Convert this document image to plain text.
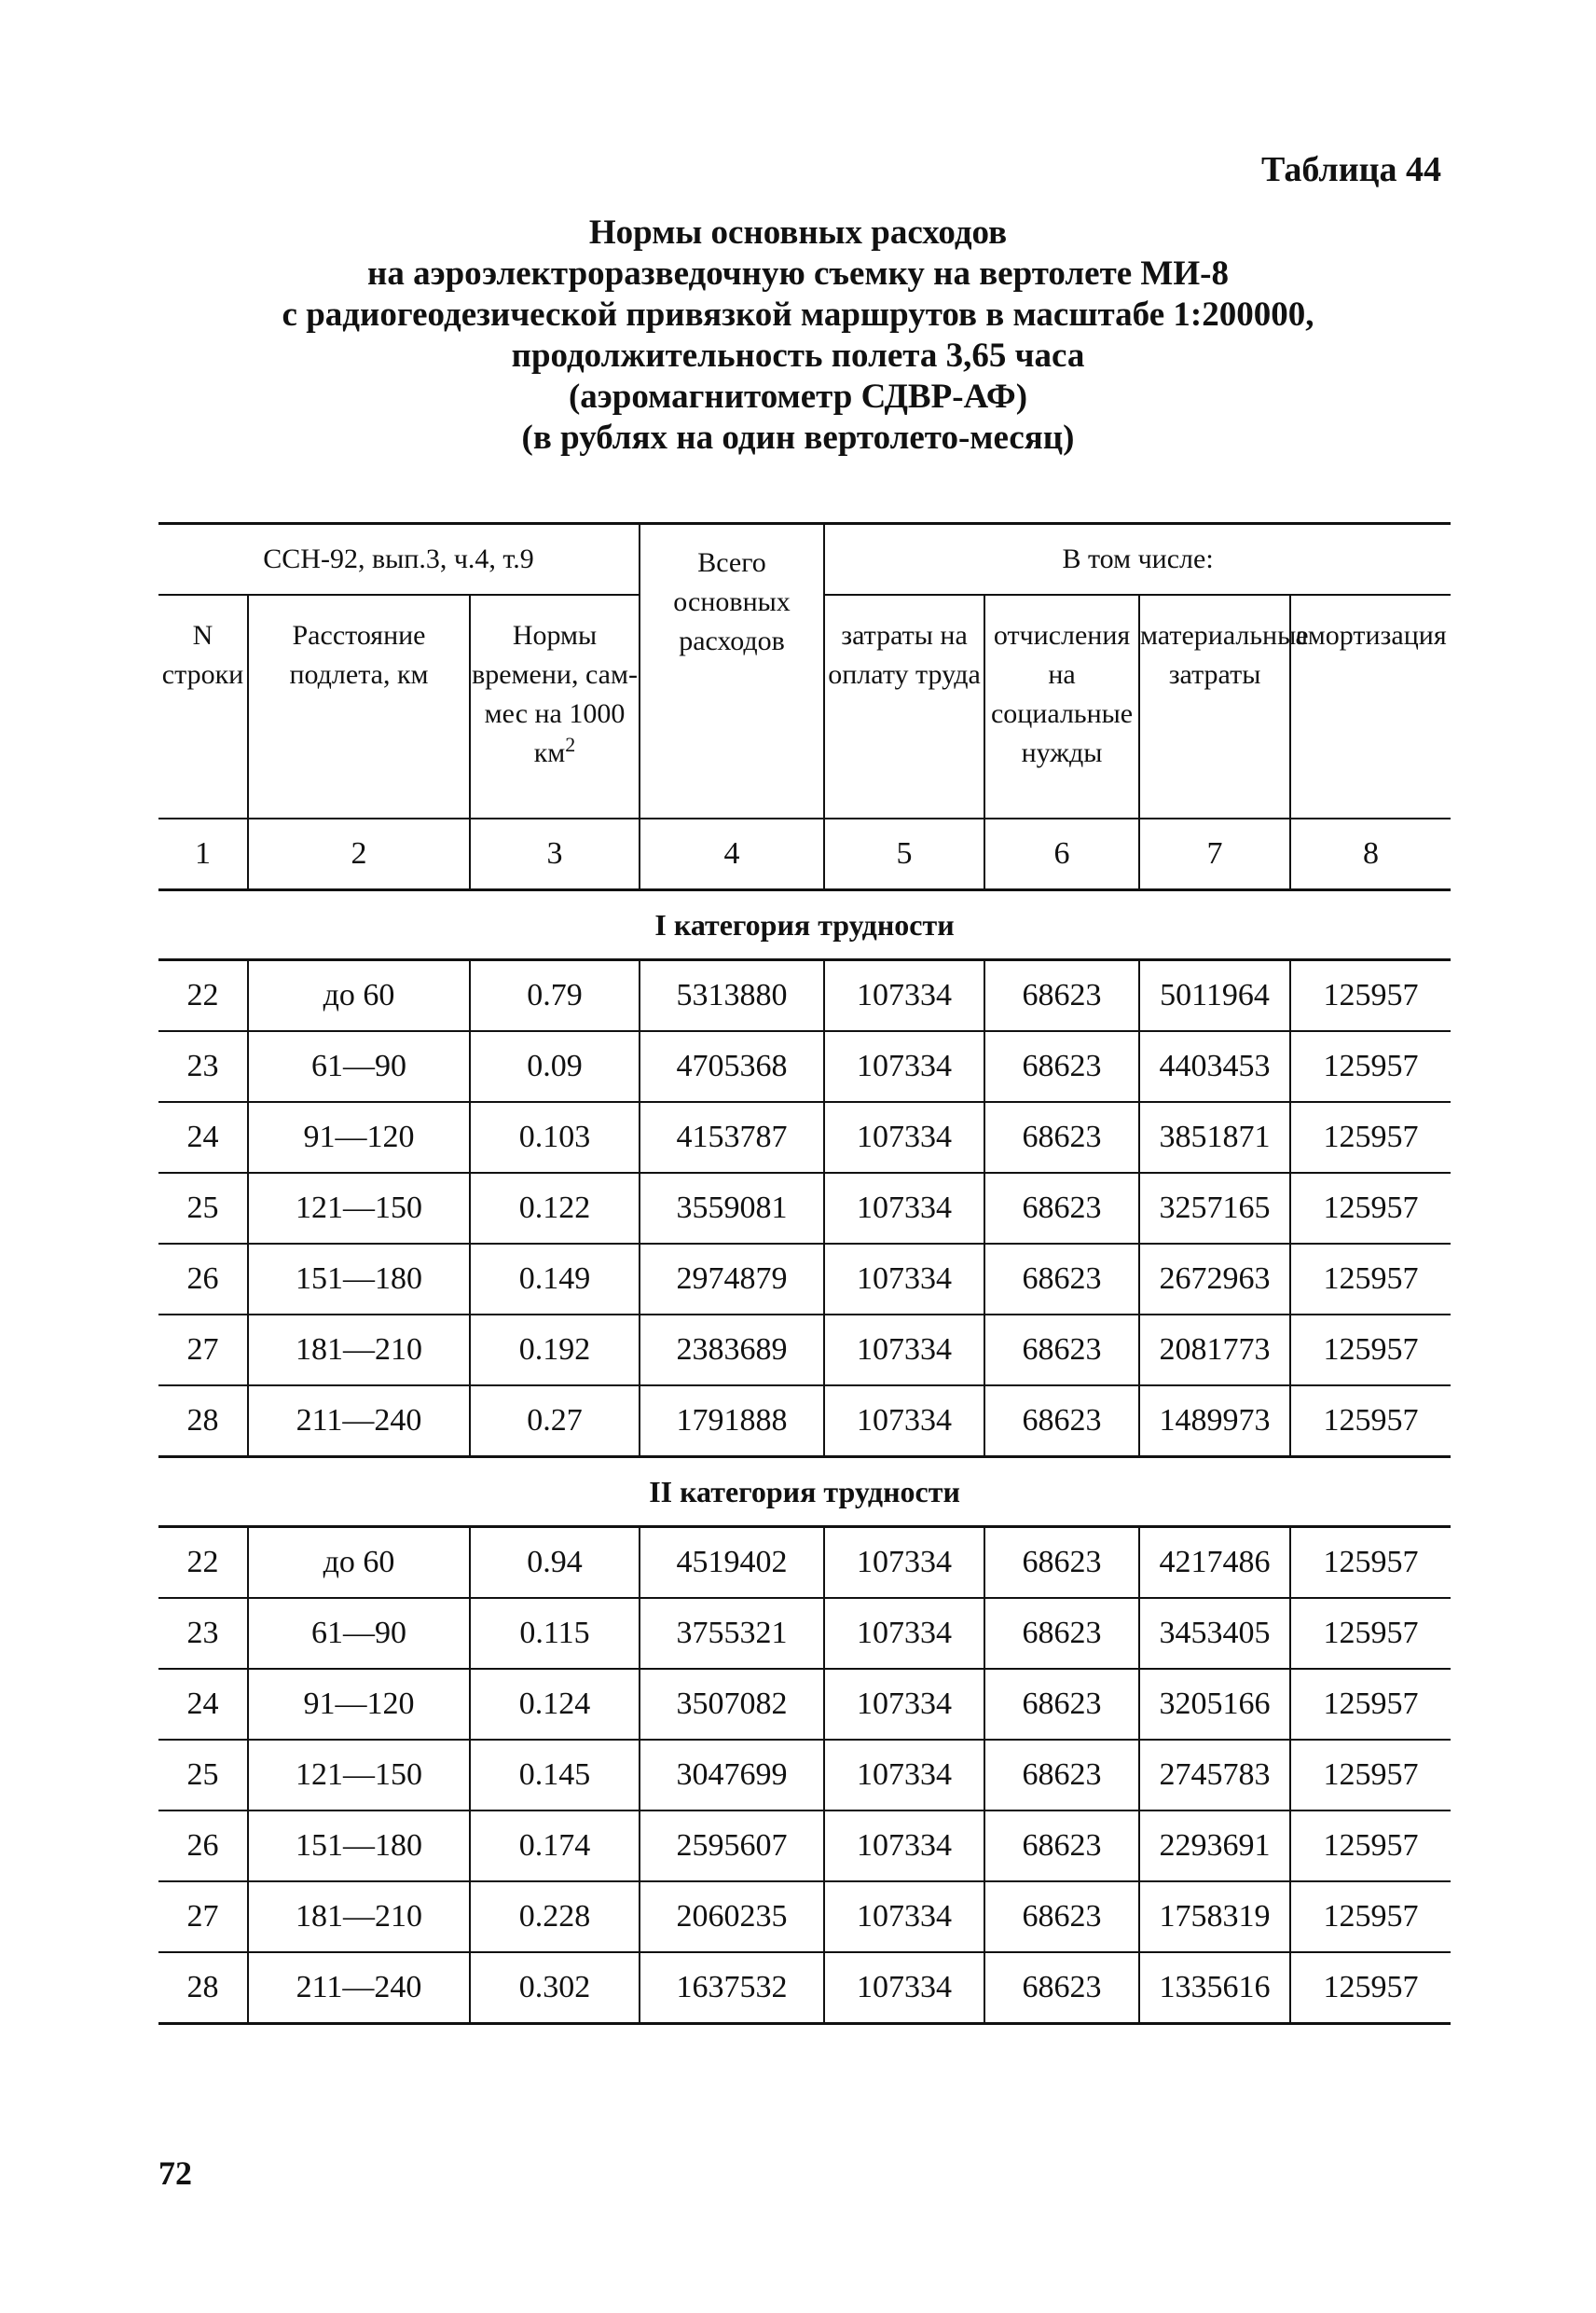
Таблица 44
Нормы основных расходов
на аэроэлектроразведочную съемку на вертолете МИ-8
с радиогеодезической привязкой маршрутов в масштабе 1:200000,
продолжительность полета 3,65 часа
(аэромагнитометр СДВР-АФ)
(в рублях на один вертолето-месяц)
ССН-92, вып.3, ч.4, т.9			Всего основных расходов	В том числе:			
N строки	Расстояние подлета, км	Нормы времени, сам-мес на 1000 $км^2$		затраты на оплату труда	отчисления на социальные нужды	материальные затраты	амортизация
1	2	3	4	5	6	7	8
I категория трудности							
22	до 60	0.79	5313880	107334	68623	5011964	125957
23	61—90	0.09	4705368	107334	68623	4403453	125957
24	91—120	0.103	4153787	107334	68623	3851871	125957
25	121—150	0.122	3559081	107334	68623	3257165	125957
26	151—180	0.149	2974879	107334	68623	2672963	125957
27	181—210	0.192	2383689	107334	68623	2081773	125957
28	211—240	0.27	1791888	107334	68623	1489973	125957
II категория трудности							
22	до 60	0.94	4519402	107334	68623	4217486	125957
23	61—90	0.115	3755321	107334	68623	3453405	125957
24	91—120	0.124	3507082	107334	68623	3205166	125957
25	121—150	0.145	3047699	107334	68623	2745783	125957
26	151—180	0.174	2595607	107334	68623	2293691	125957
27	181—210	0.228	2060235	107334	68623	1758319	125957
28	211—240	0.302	1637532	107334	68623	1335616	125957
72
